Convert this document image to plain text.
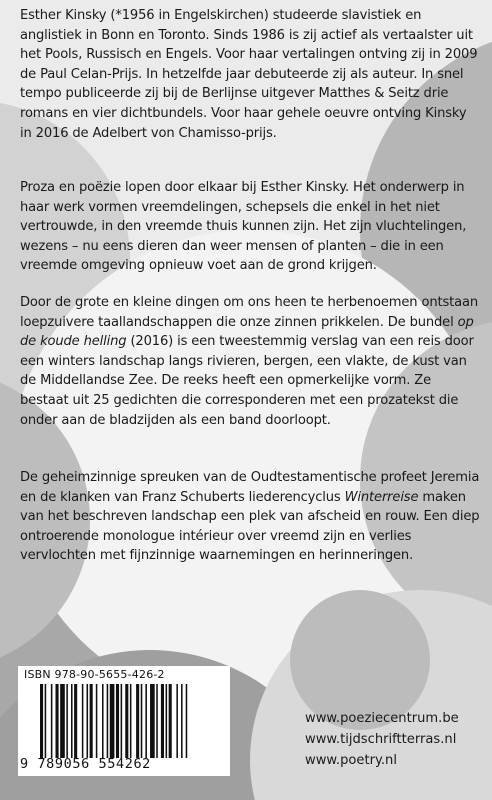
Esther Kinsky (*1956 in Engelskirchen) studeerde slavistiek en anglistiek in Bonn en Toronto. Sinds 1986 is zij actief als vertaalster uit het Pools, Russisch en Engels. Voor haar vertalingen ontving zij in 2009 de Paul Celan-Prijs. In hetzelfde jaar debuteerde zij als auteur. In snel tempo publiceerde zij bij de Berlijnse uitgever Matthes & Seitz drie romans en vier dichtbundels. Voor haar gehele oeuvre ontving Kinsky in 2016 de Adelbert von Chamisso-prijs.

Proza en poëzie lopen door elkaar bij Esther Kinsky. Het onderwerp in haar werk vormen vreemdelingen, schepsels die enkel in het niet vertrouwde, in den vreemde thuis kunnen zijn. Het zijn vluchtelingen, wezens – nu eens dieren dan weer mensen of planten – die in een vreemde omgeving opnieuw voet aan de grond krijgen.

Door de grote en kleine dingen om ons heen te herbenoemen ontstaan loepzuivere taallandschappen die onze zinnen prikkelen. De bundel op de koude helling (2016) is een tweestemmig verslag van een reis door een winters landschap langs rivieren, bergen, een vlakte, de kust van de Middellandse Zee. De reeks heeft een opmerkelijke vorm. Ze bestaat uit 25 gedichten die corresponderen met een prozatekst die onder aan de bladzijden als een band doorloopt.

De geheimzinnige spreuken van de Oudtestamentische profeet Jeremia en de klanken van Franz Schuberts liederencyclus Winterreise maken van het beschreven landschap een plek van afscheid en rouw. Een diep ontroerende monologue intérieur over vreemd zijn en verlies vervlochten met fijnzinnige waarnemingen en herinneringen.

ISBN 978-90-5655-426-2
9 789056 554262
www.poeziecentrum.be
www.tijdschriftterras.nl
www.poetry.nl
